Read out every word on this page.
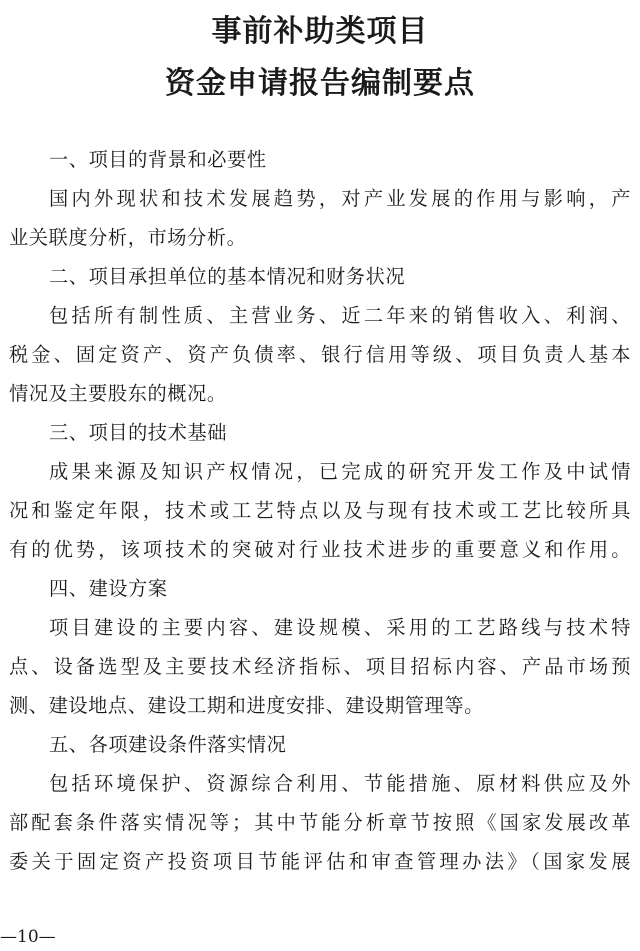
事前补助类项目
资金申请报告编制要点
一、项目的背景和必要性
国内外现状和技术发展趋势，对产业发展的作用与影响，产
业关联度分析，市场分析。
二、项目承担单位的基本情况和财务状况
包括所有制性质、主营业务、近二年来的销售收入、利润、
税金、固定资产、资产负债率、银行信用等级、项目负责人基本
情况及主要股东的概况。
三、项目的技术基础
成果来源及知识产权情况，已完成的研究开发工作及中试情
况和鉴定年限，技术或工艺特点以及与现有技术或工艺比较所具
有的优势，该项技术的突破对行业技术进步的重要意义和作用。
四、建设方案
项目建设的主要内容、建设规模、采用的工艺路线与技术特
点、设备选型及主要技术经济指标、项目招标内容、产品市场预
测、建设地点、建设工期和进度安排、建设期管理等。
五、各项建设条件落实情况
包括环境保护、资源综合利用、节能措施、原材料供应及外
部配套条件落实情况等；其中节能分析章节按照《国家发展改革
委关于固定资产投资项目节能评估和审查管理办法》（国家发展
—10—
